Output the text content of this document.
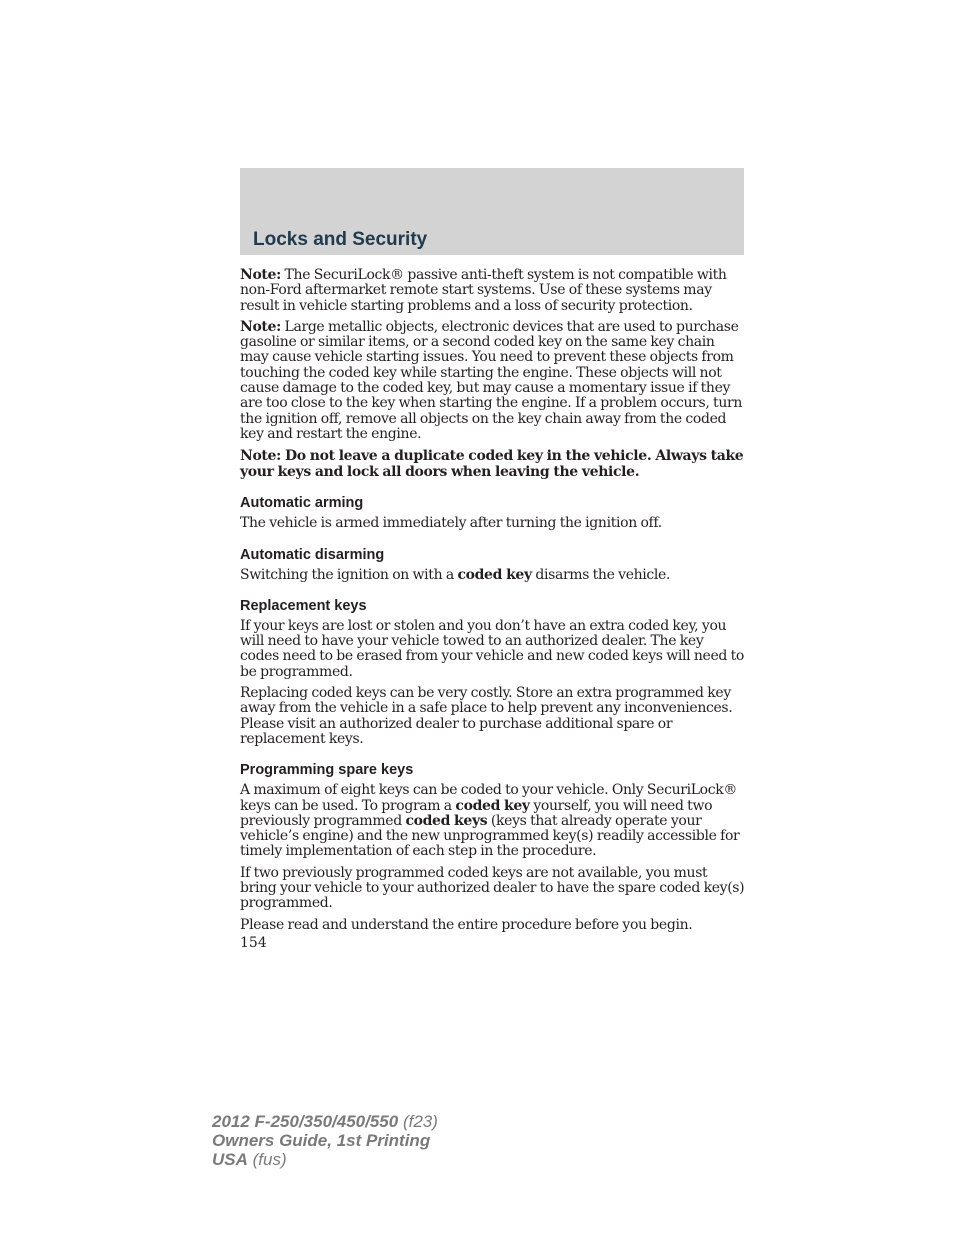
Locks and Security

Note: The SecuriLock® passive anti-theft system is not compatible with non-Ford aftermarket remote start systems. Use of these systems may result in vehicle starting problems and a loss of security protection.

Note: Large metallic objects, electronic devices that are used to purchase gasoline or similar items, or a second coded key on the same key chain may cause vehicle starting issues. You need to prevent these objects from touching the coded key while starting the engine. These objects will not cause damage to the coded key, but may cause a momentary issue if they are too close to the key when starting the engine. If a problem occurs, turn the ignition off, remove all objects on the key chain away from the coded key and restart the engine.

Note: Do not leave a duplicate coded key in the vehicle. Always take your keys and lock all doors when leaving the vehicle.

Automatic arming

The vehicle is armed immediately after turning the ignition off.

Automatic disarming

Switching the ignition on with a coded key disarms the vehicle.

Replacement keys

If your keys are lost or stolen and you don’t have an extra coded key, you will need to have your vehicle towed to an authorized dealer. The key codes need to be erased from your vehicle and new coded keys will need to be programmed.

Replacing coded keys can be very costly. Store an extra programmed key away from the vehicle in a safe place to help prevent any inconveniences. Please visit an authorized dealer to purchase additional spare or replacement keys.

Programming spare keys

A maximum of eight keys can be coded to your vehicle. Only SecuriLock® keys can be used. To program a coded key yourself, you will need two previously programmed coded keys (keys that already operate your vehicle’s engine) and the new unprogrammed key(s) readily accessible for timely implementation of each step in the procedure.

If two previously programmed coded keys are not available, you must bring your vehicle to your authorized dealer to have the spare coded key(s) programmed.

Please read and understand the entire procedure before you begin.

154

2012 F-250/350/450/550 (f23)
Owners Guide, 1st Printing
USA (fus)
